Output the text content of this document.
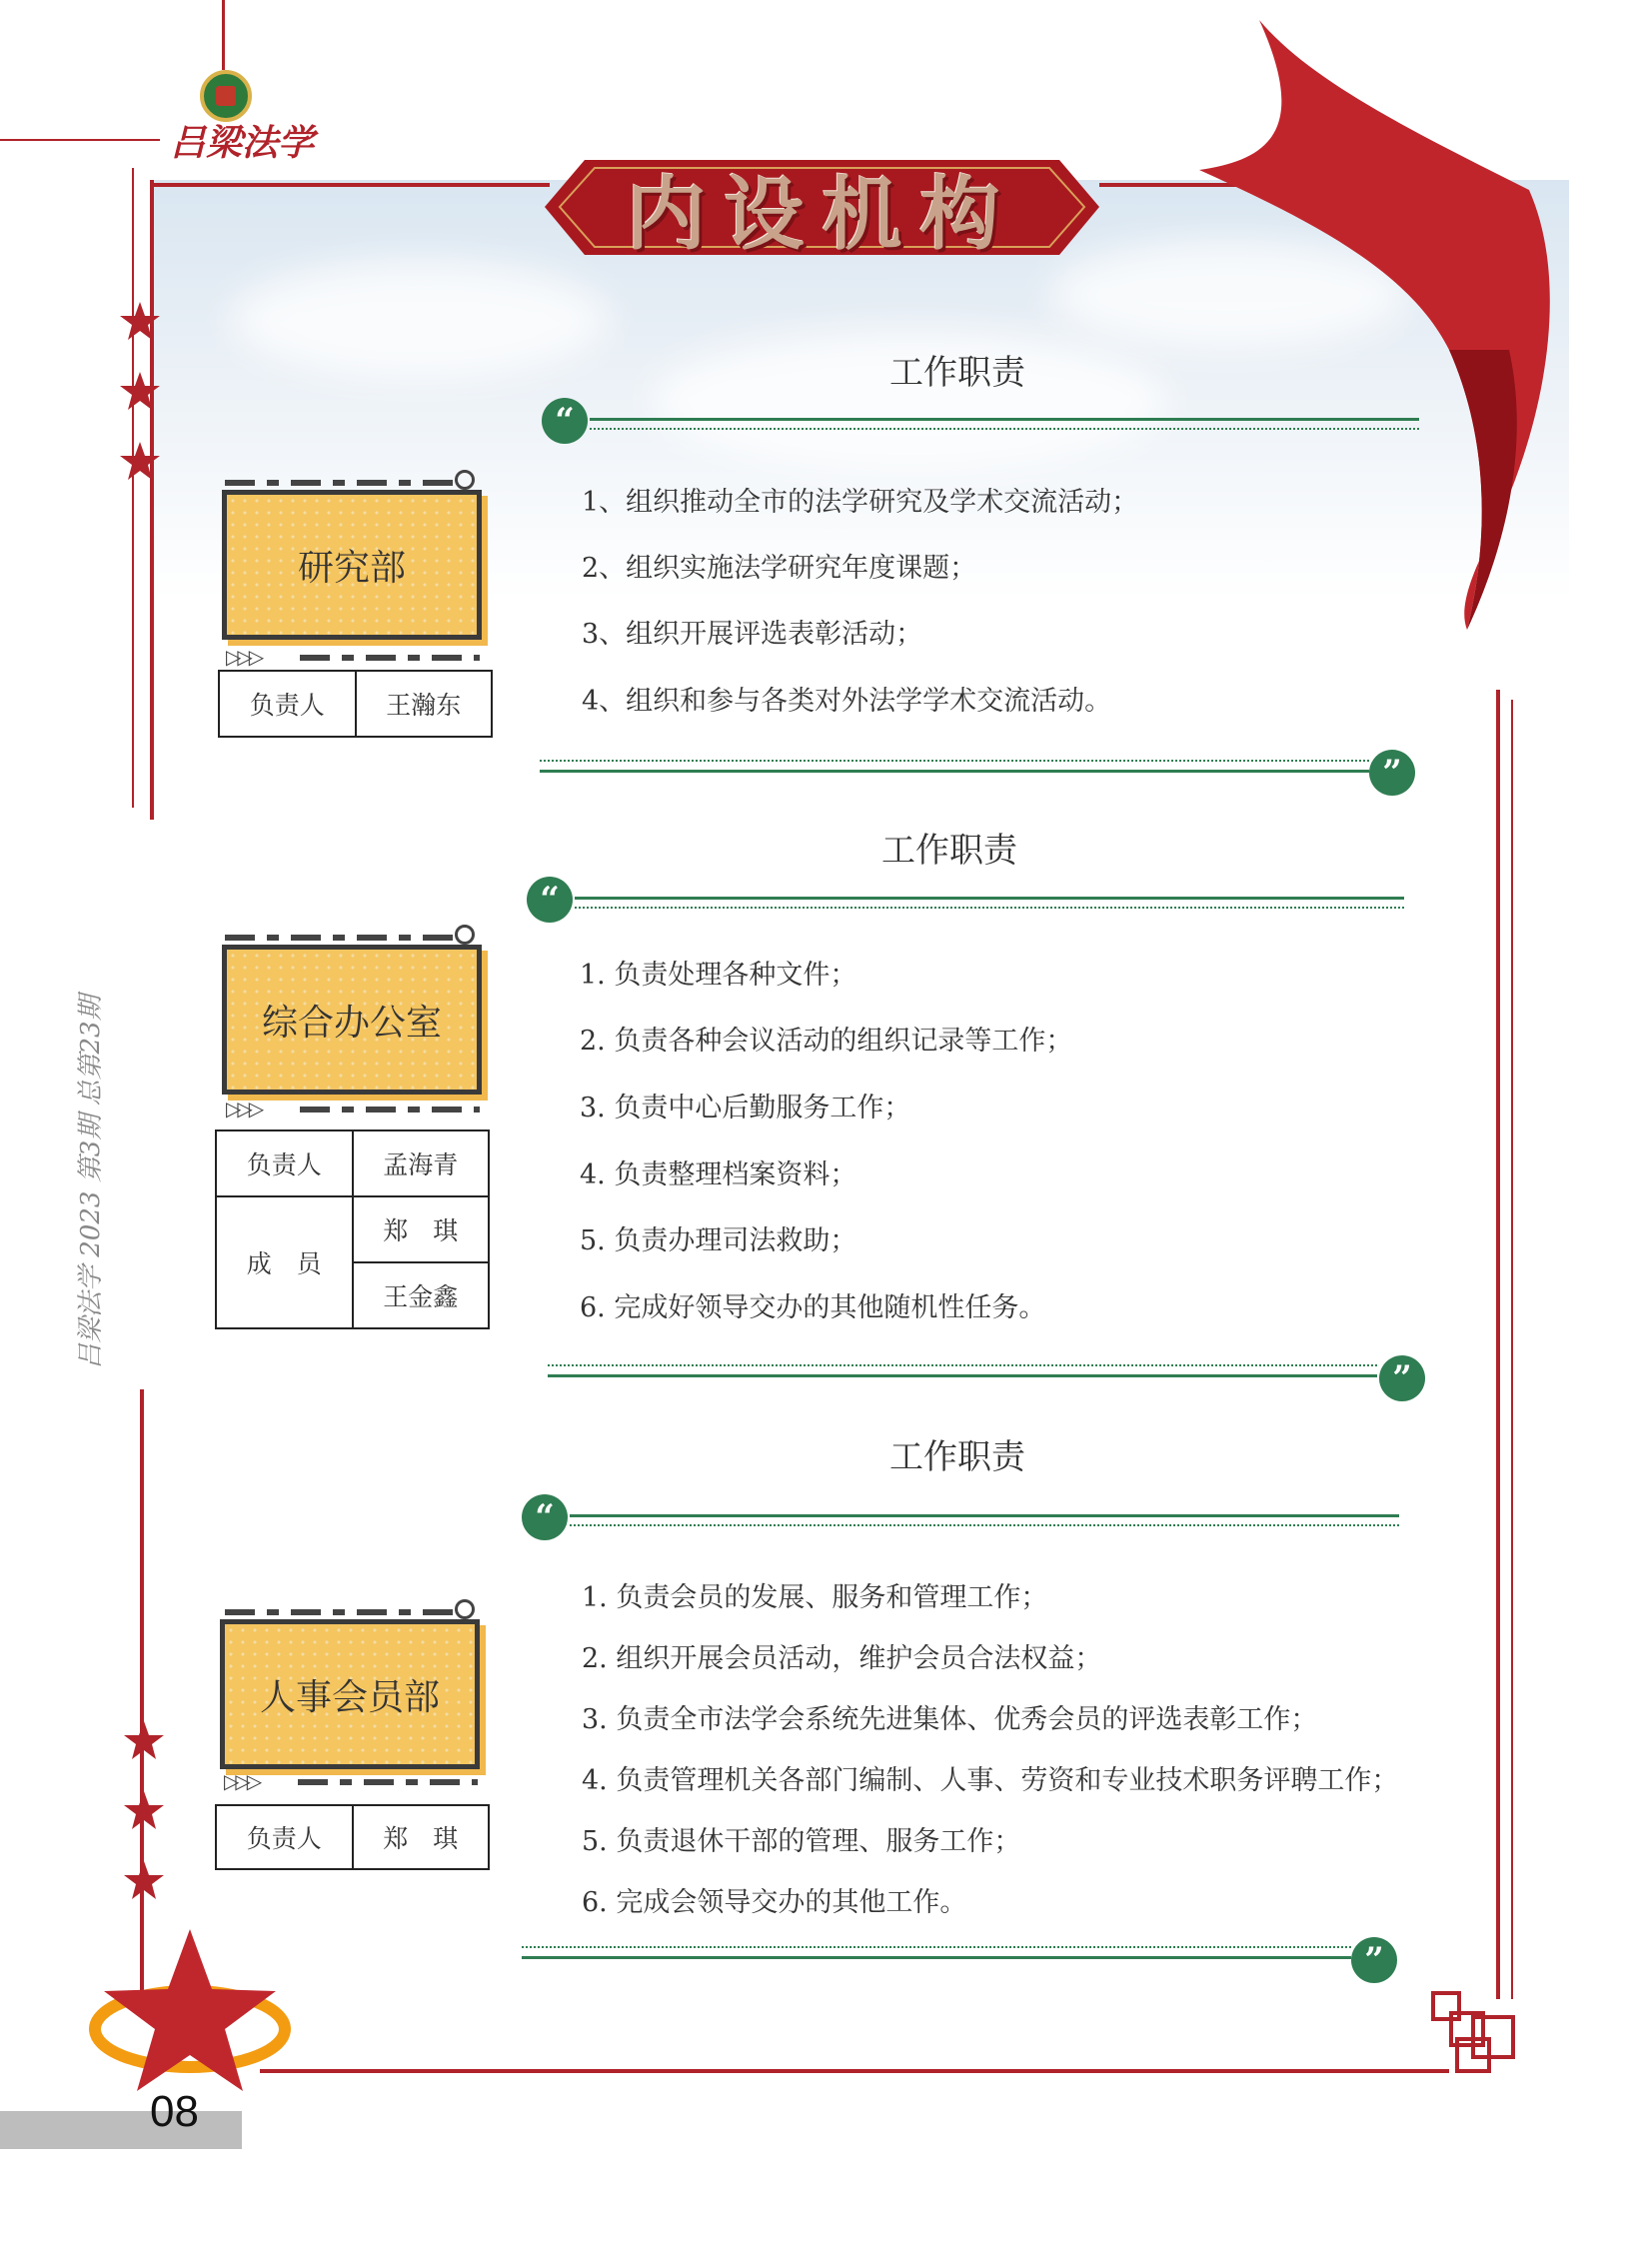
吕梁法学
内设机构
吕梁法学 2023 第3期 总第23期
工作职责
“
研究部
▷▷▷
负责人	王瀚东
1、组织推动全市的法学研究及学术交流活动；
2、组织实施法学研究年度课题；
3、组织开展评选表彰活动；
4、组织和参与各类对外法学学术交流活动。
”
工作职责
“
综合办公室
▷▷▷
负责人	孟海青
成　员	郑　琪
	王金鑫
1. 负责处理各种文件；
2. 负责各种会议活动的组织记录等工作；
3. 负责中心后勤服务工作；
4. 负责整理档案资料；
5. 负责办理司法救助；
6. 完成好领导交办的其他随机性任务。
”
工作职责
“
人事会员部
▷▷▷
负责人	郑　琪
1. 负责会员的发展、服务和管理工作；
2. 组织开展会员活动，维护会员合法权益；
3. 负责全市法学会系统先进集体、优秀会员的评选表彰工作；
4. 负责管理机关各部门编制、人事、劳资和专业技术职务评聘工作；
5. 负责退休干部的管理、服务工作；
6. 完成会领导交办的其他工作。
”
08
